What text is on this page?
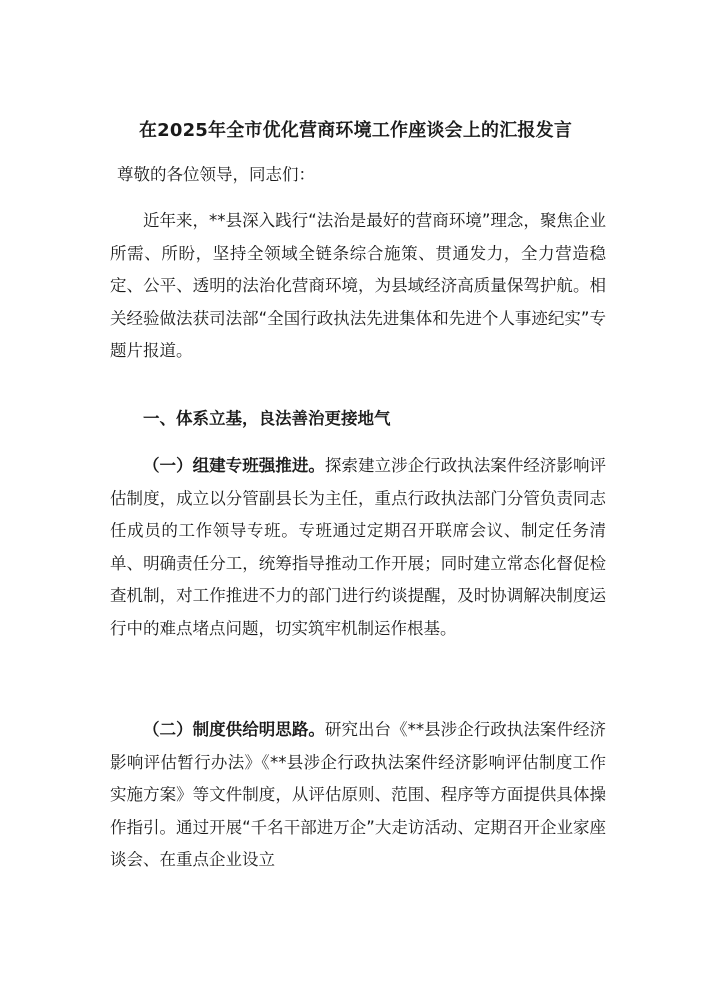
在2025年全市优化营商环境工作座谈会上的汇报发言

尊敬的各位领导，同志们：

近年来，**县深入践行“法治是最好的营商环境”理念，聚焦企业所需、所盼，坚持全领域全链条综合施策、贯通发力，全力营造稳定、公平、透明的法治化营商环境，为县域经济高质量保驾护航。相关经验做法获司法部“全国行政执法先进集体和先进个人事迹纪实”专题片报道。

一、体系立基，良法善治更接地气

（一）组建专班强推进。探索建立涉企行政执法案件经济影响评估制度，成立以分管副县长为主任，重点行政执法部门分管负责同志任成员的工作领导专班。专班通过定期召开联席会议、制定任务清单、明确责任分工，统筹指导推动工作开展；同时建立常态化督促检查机制，对工作推进不力的部门进行约谈提醒，及时协调解决制度运行中的难点堵点问题，切实筑牢机制运作根基。

（二）制度供给明思路。研究出台《**县涉企行政执法案件经济影响评估暂行办法》《**县涉企行政执法案件经济影响评估制度工作实施方案》等文件制度，从评估原则、范围、程序等方面提供具体操作指引。通过开展“千名干部进万企”大走访活动、定期召开企业家座谈会、在重点企业设立
